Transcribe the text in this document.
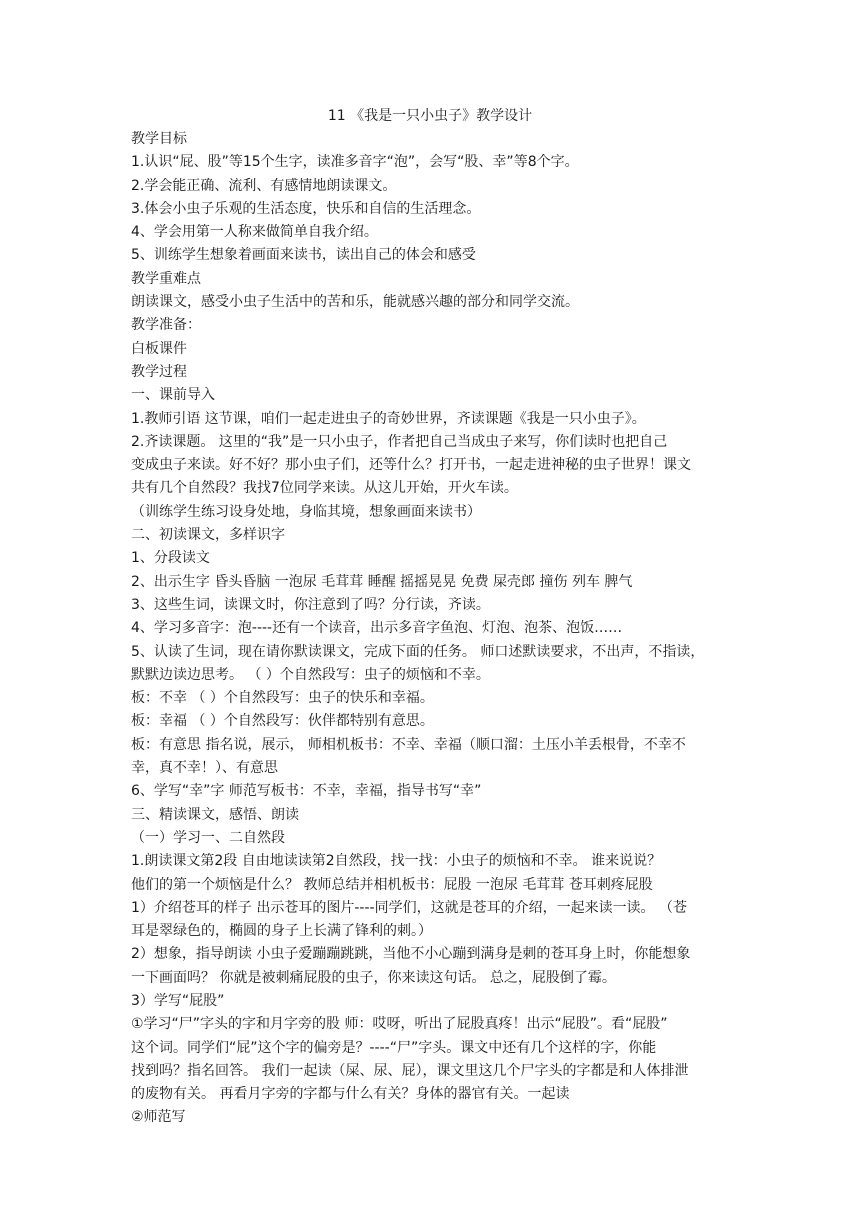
11 《我是一只小虫子》教学设计
教学目标
1.认识“屁、股”等15个生字，读准多音字“泡”，会写“股、幸”等8个字。
2.学会能正确、流利、有感情地朗读课文。
3.体会小虫子乐观的生活态度，快乐和自信的生活理念。
4、学会用第一人称来做简单自我介绍。
5、训练学生想象着画面来读书，读出自己的体会和感受
教学重难点
朗读课文，感受小虫子生活中的苦和乐，能就感兴趣的部分和同学交流。
教学准备：
白板课件
教学过程
一、课前导入
1.教师引语 这节课，咱们一起走进虫子的奇妙世界，齐读课题《我是一只小虫子》。
2.齐读课题。 这里的“我”是一只小虫子，作者把自己当成虫子来写，你们读时也把自己
变成虫子来读。好不好？那小虫子们，还等什么？打开书，一起走进神秘的虫子世界！课文
共有几个自然段？我找7位同学来读。从这儿开始，开火车读。
（训练学生练习设身处地，身临其境，想象画面来读书）
二、初读课文，多样识字
1、分段读文
2、出示生字 昏头昏脑 一泡尿 毛茸茸 睡醒 摇摇晃晃 免费 屎壳郎 撞伤 列车 脾气
3、这些生词，读课文时，你注意到了吗？分行读，齐读。
4、学习多音字：泡----还有一个读音，出示多音字鱼泡、灯泡、泡茶、泡饭……
5、认读了生词，现在请你默读课文，完成下面的任务。 师口述默读要求，不出声，不指读，
默默边读边思考。 （ ）个自然段写：虫子的烦恼和不幸。
板：不幸 （ ）个自然段写：虫子的快乐和幸福。
板：幸福 （ ）个自然段写：伙伴都特别有意思。
板：有意思 指名说，展示， 师相机板书：不幸、幸福（顺口溜：土压小羊丢根骨，不幸不
幸，真不幸！）、有意思
6、学写“幸”字 师范写板书：不幸，幸福，指导书写“幸”
三、精读课文，感悟、朗读
（一）学习一、二自然段
1.朗读课文第2段 自由地读读第2自然段，找一找：小虫子的烦恼和不幸。 谁来说说？
他们的第一个烦恼是什么？ 教师总结并相机板书：屁股 一泡尿 毛茸茸 苍耳刺疼屁股
1）介绍苍耳的样子 出示苍耳的图片----同学们，这就是苍耳的介绍，一起来读一读。 （苍
耳是翠绿色的，椭圆的身子上长满了锋利的刺。）
2）想象，指导朗读 小虫子爱蹦蹦跳跳，当他不小心蹦到满身是刺的苍耳身上时，你能想象
一下画面吗？ 你就是被刺痛屁股的虫子，你来读这句话。 总之，屁股倒了霉。
3）学写“屁股”
①学习“尸”字头的字和月字旁的股 师：哎呀，听出了屁股真疼！出示“屁股”。看“屁股”
这个词。同学们“屁”这个字的偏旁是？----“尸”字头。课文中还有几个这样的字，你能
找到吗？指名回答。 我们一起读（屎、尿、屁），课文里这几个尸字头的字都是和人体排泄
的废物有关。 再看月字旁的字都与什么有关？身体的器官有关。一起读
②师范写
